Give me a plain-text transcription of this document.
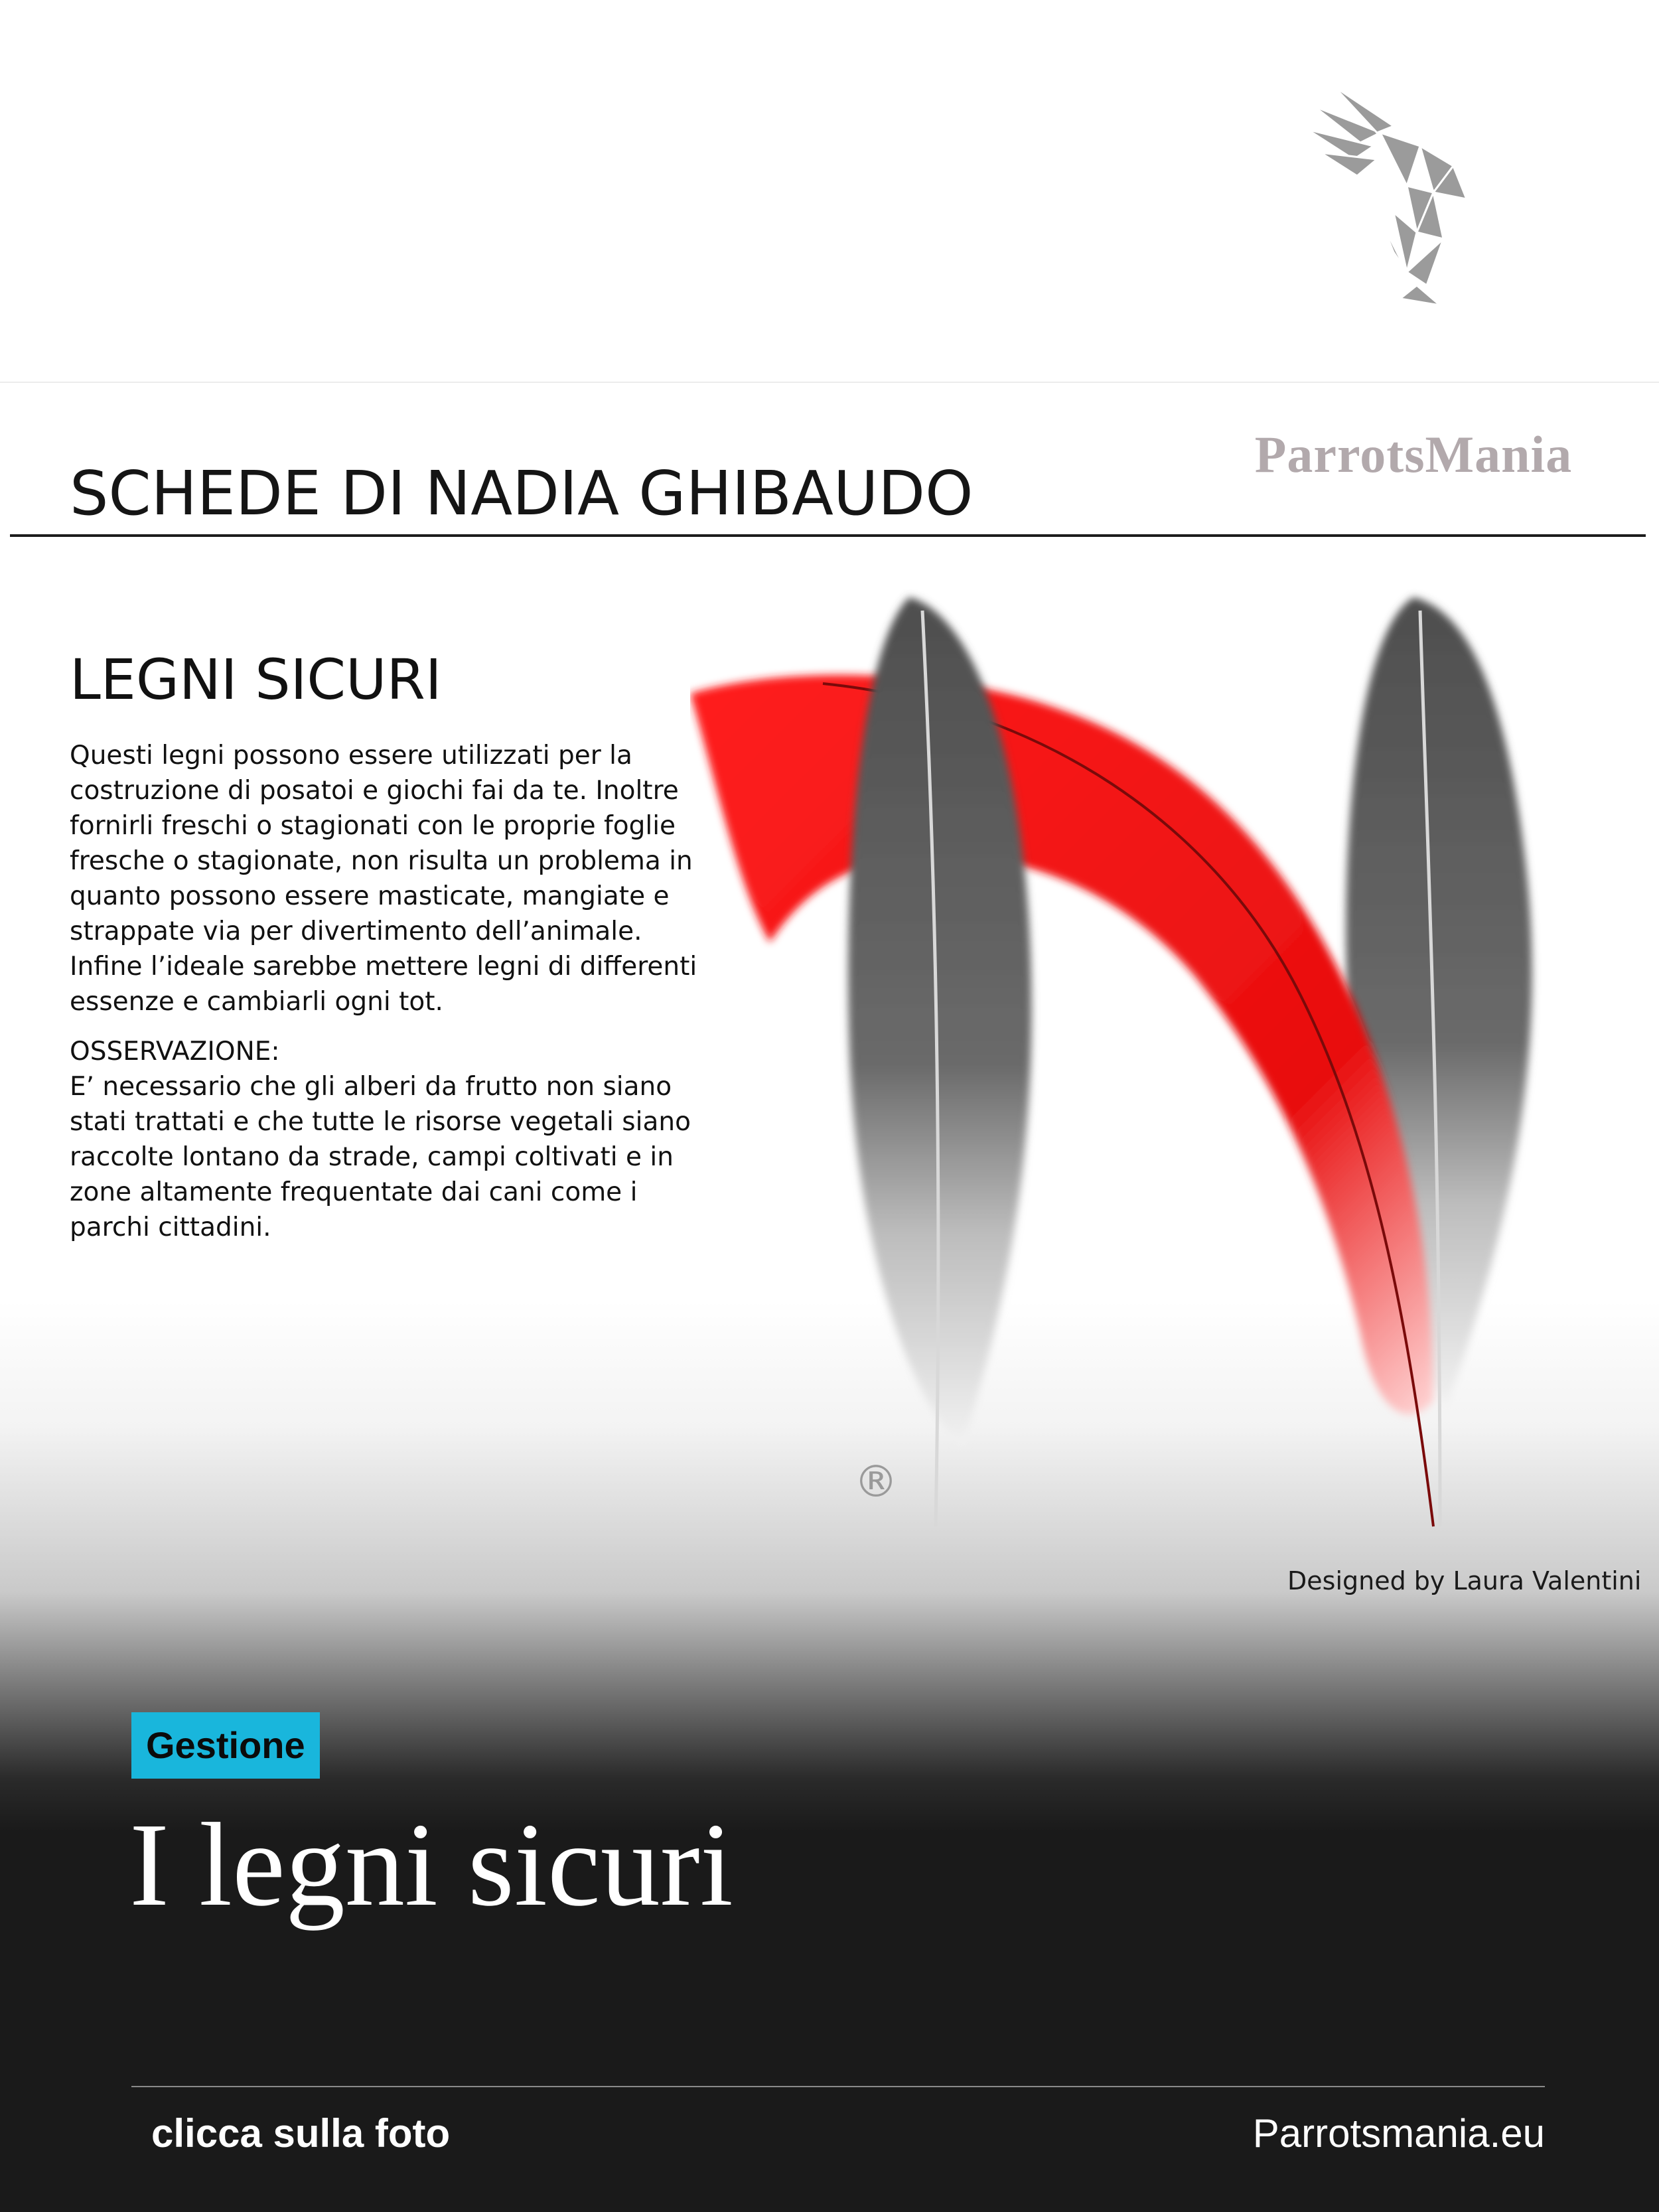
ParrotsMania
SCHEDE DI NADIA GHIBAUDO
LEGNI SICURI

Questi legni possono essere utilizzati per la costruzione di posatoi e giochi fai da te. Inoltre fornirli freschi o stagionati con le proprie foglie fresche o stagionate, non risulta un problema in quanto possono essere masticate, mangiate e strappate via per divertimento dell’animale. Infine l’ideale sarebbe mettere legni di differenti essenze e cambiarli ogni tot.

OSSERVAZIONE:

E’ necessario che gli alberi da frutto non siano stati trattati e che tutte le risorse vegetali siano raccolte lontano da strade, campi coltivati e in zone altamente frequentate dai cani come i parchi cittadini.

®
Designed by Laura Valentini
Gestione
I legni sicuri
clicca sulla foto	Parrotsmania.eu
